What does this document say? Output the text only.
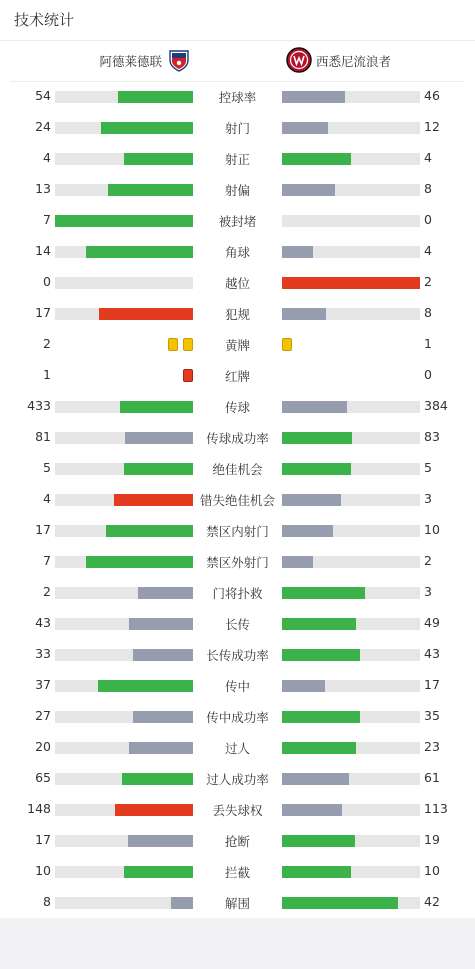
技术统计
阿德莱德联	西悉尼流浪者
54	控球率	46
24	射门	12
4	射正	4
13	射偏	8
7	被封堵	0
14	角球	4
0	越位	2
17	犯规	8
2	黄牌	1
1	红牌	0
433	传球	384
81	传球成功率	83
5	绝佳机会	5
4	错失绝佳机会	3
17	禁区内射门	10
7	禁区外射门	2
2	门将扑救	3
43	长传	49
33	长传成功率	43
37	传中	17
27	传中成功率	35
20	过人	23
65	过人成功率	61
148	丢失球权	113
17	抢断	19
10	拦截	10
8	解围	42
